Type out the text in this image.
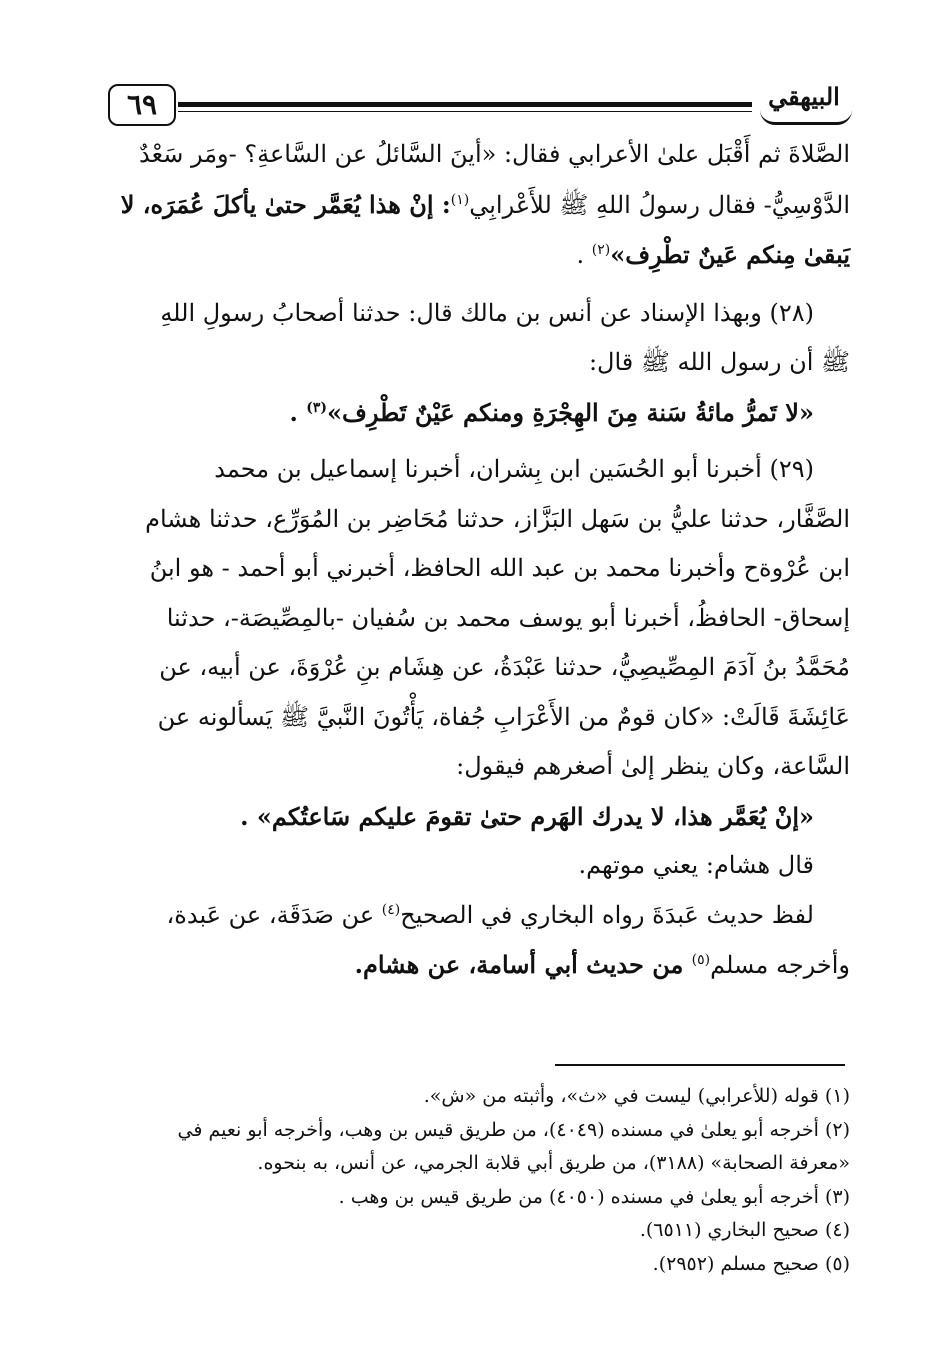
٦٩	البيهقي

الصَّلاةَ ثم أَقْبَل علىٰ الأعرابي فقال: «أينَ السَّائلُ عن السَّاعةِ؟ -ومَر سَعْدٌ

الدَّوْسِيُّ- فقال رسولُ اللهِ ﷺ للأَعْرابِي$^{(١)}$: إنْ هذا يُعَمَّر حتىٰ يأكلَ عُمَرَه، لا

يَبقىٰ مِنكم عَينٌ تطْرِف»$^{(٢)}$ .

(٢٨) وبهذا الإسناد عن أنس بن مالك قال: حدثنا أصحابُ رسولِ اللهِ

ﷺ أن رسول الله ﷺ قال:

«لا تَمرُّ مائةُ سَنة مِنَ الهِجْرَةِ ومنكم عَيْنٌ تَطْرِف»$^{(٣)}$ .

(٢٩) أخبرنا أبو الحُسَين ابن بِشران، أخبرنا إسماعيل بن محمد

الصَّفَّار، حدثنا عليُّ بن سَهل البَزَّاز، حدثنا مُحَاضِر بن المُوَرِّع، حدثنا هشام

ابن عُرْوةح وأخبرنا محمد بن عبد الله الحافظ، أخبرني أبو أحمد - هو ابنُ

إسحاق- الحافظُ، أخبرنا أبو يوسف محمد بن سُفيان -بالمِصِّيصَة-، حدثنا

مُحَمَّدُ بنُ آدَمَ المِصِّيصِيُّ، حدثنا عَبْدَةُ، عن هِشَام بنِ عُرْوَةَ، عن أبيه، عن

عَائِشَةَ قَالَتْ: «كان قومٌ من الأَعْرَابِ جُفاة، يَأْتُونَ النَّبيَّ ﷺ يَسألونه عن

السَّاعة، وكان ينظر إلىٰ أصغرهم فيقول:

«إنْ يُعَمَّر هذا، لا يدرك الهَرم حتىٰ تقومَ عليكم سَاعتُكم» .

قال هشام: يعني موتهم.

لفظ حديث عَبدَةَ رواه البخاري في الصحيح$^{(٤)}$ عن صَدَقَة، عن عَبدة،

وأخرجه مسلم$^{(٥)}$ من حديث أبي أسامة، عن هشام.

(١) قوله (للأعرابي) ليست في «ث»، وأثبته من «ش».

(٢) أخرجه أبو يعلىٰ في مسنده (٤٠٤٩)، من طريق قيس بن وهب، وأخرجه أبو نعيم في

«معرفة الصحابة» (٣١٨٨)، من طريق أبي قلابة الجرمي، عن أنس، به بنحوه.

(٣) أخرجه أبو يعلىٰ في مسنده (٤٠٥٠) من طريق قيس بن وهب .

(٤) صحيح البخاري (٦٥١١).

(٥) صحيح مسلم (٢٩٥٢).
